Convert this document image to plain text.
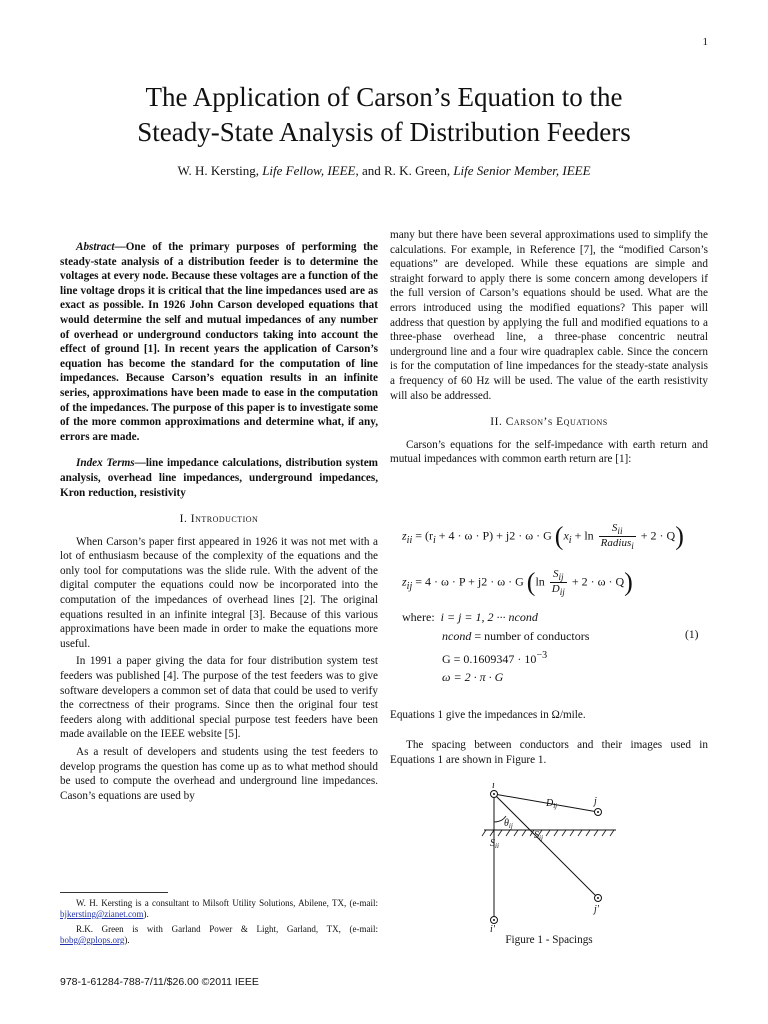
1
The Application of Carson’s Equation to the
Steady-State Analysis of Distribution Feeders
W. H. Kersting, Life Fellow, IEEE, and R. K. Green, Life Senior Member, IEEE

Abstract—One of the primary purposes of performing the steady-state analysis of a distribution feeder is to determine the voltages at every node. Because these voltages are a function of the line voltage drops it is critical that the line impedances used are as exact as possible. In 1926 John Carson developed equations that would determine the self and mutual impedances of any number of overhead or underground conductors taking into account the effect of ground [1]. In recent years the application of Carson’s equation has become the standard for the computation of line impedances. Because Carson’s equation results in an infinite series, approximations have been made to ease in the computation of the impedances. The purpose of this paper is to investigate some of the more common approximations and determine what, if any, errors are made.

Index Terms—line impedance calculations, distribution system analysis, overhead line impedances, underground impedances, Kron reduction, resistivity

I. Introduction

When Carson’s paper first appeared in 1926 it was not met with a lot of enthusiasm because of the complexity of the equations and the only tool for computations was the slide rule. With the advent of the digital computer the equations could now be incorporated into the computation of the impedances of overhead lines [2]. The original equations resulted in an infinite integral [3]. Because of this various approximations have been made in order to make the equations more useful.

In 1991 a paper giving the data for four distribution system test feeders was published [4]. The purpose of the test feeders was to give software developers a common set of data that could be used to verify the correctness of their programs. Since then the original four test feeders along with additional special purpose test feeders have been made available on the IEEE website [5].

As a result of developers and students using the test feeders to develop programs the question has come up as to what method should be used to compute the overhead and underground line impedances. Cason’s equations are used by

many but there have been several approximations used to simplify the calculations. For example, in Reference [7], the “modified Carson’s equations” are developed. While these equations are simple and straight forward to apply there is some concern among developers if the full version of Carson’s equations should be used. What are the errors introduced using the modified equations? This paper will address that question by applying the full and modified equations to a three-phase overhead line, a three-phase concentric neutral underground line and a four wire quadraplex cable. Since the concern is for the computation of line impedances for the steady-state analysis a frequency of 60 Hz will be used. The value of the earth resistivity will also be addressed.

II. Carson’s Equations

Carson’s equations for the self-impedance with earth return and mutual impedances with common earth return are [1]:

$z_{ii} = (r_i + 4 \cdot \omega \cdot P) + j2 \cdot \omega \cdot G$ $(x_i + \ln \frac{S_{ii}}{Radius_i} + 2 \cdot Q)$
$z_{ij} = 4 \cdot \omega \cdot P + j2 \cdot \omega \cdot G$ $(\ln \frac{S_{ij}}{D_{ij}} + 2 \cdot \omega \cdot Q)$
where: i = j = 1, 2 ··· ncond
ncond = number of conductors	(1)
$G = 0.1609347 \cdot 10^{-3}$
ω = 2 · π · G
Equations 1 give the impedances in Ω/mile.
The spacing between conductors and their images used in Equations 1 are shown in Figure 1.
i
j
$D_{ij}$
$\theta_{ij}$
$S_{ij}$
$S_{ii}$
j'
i'
Figure 1 - Spacings
W. H. Kersting is a consultant to Milsoft Utility Solutions, Abilene, TX, (e-mail: bjkersting@zianet.com).
R.K. Green is with Garland Power & Light, Garland, TX, (e-mail: bobg@gplops.org).
978-1-61284-788-7/11/$26.00 ©2011 IEEE
